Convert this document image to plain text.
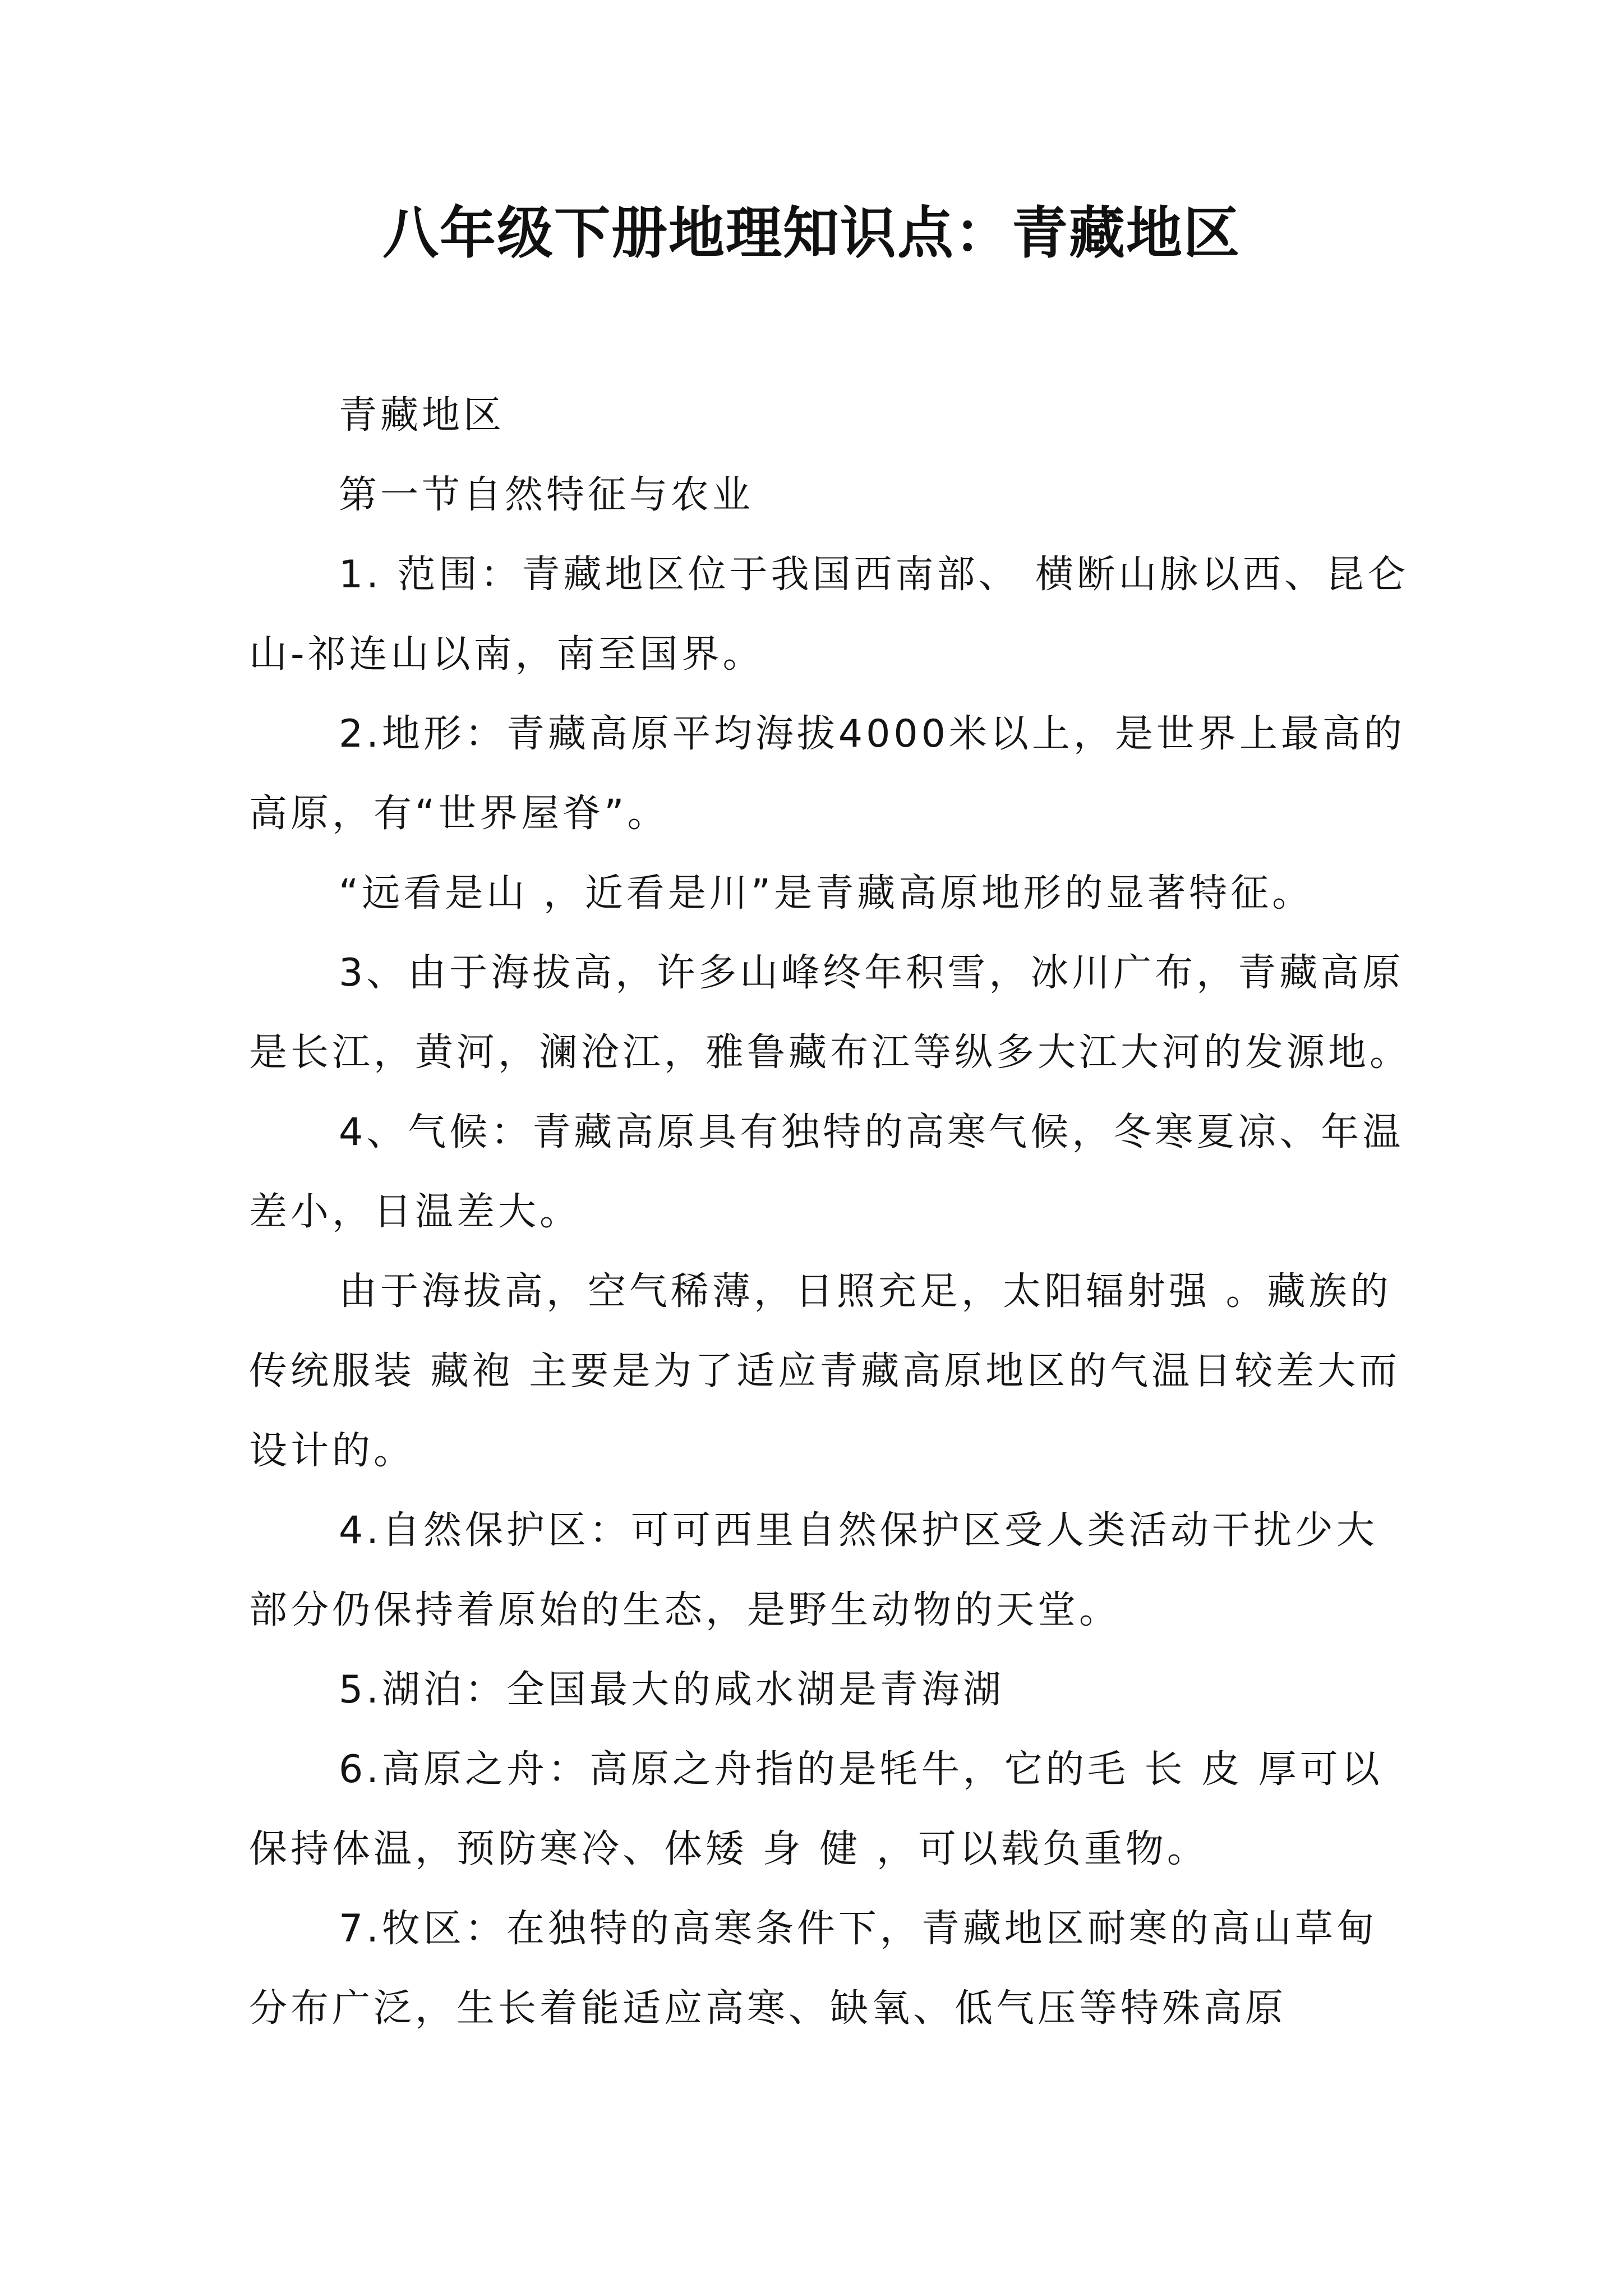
八年级下册地理知识点：青藏地区

青藏地区

第一节自然特征与农业

1. 范围：青藏地区位于我国西南部、 横断山脉以西、昆仑山-祁连山以南，南至国界。

2.地形：青藏高原平均海拔4000米以上，是世界上最高的高原，有“世界屋脊”。

“远看是山 ，近看是川”是青藏高原地形的显著特征。

3、由于海拔高，许多山峰终年积雪，冰川广布，青藏高原是长江，黄河，澜沧江，雅鲁藏布江等纵多大江大河的发源地。

4、气候：青藏高原具有独特的高寒气候，冬寒夏凉、年温差小，日温差大。

由于海拔高，空气稀薄，日照充足，太阳辐射强 。藏族的传统服装 藏袍 主要是为了适应青藏高原地区的气温日较差大而设计的。

4.自然保护区：可可西里自然保护区受人类活动干扰少大部分仍保持着原始的生态，是野生动物的天堂。

5.湖泊：全国最大的咸水湖是青海湖

6.高原之舟：高原之舟指的是牦牛，它的毛 长 皮 厚可以保持体温，预防寒冷、体矮 身 健 ，可以载负重物。

7.牧区：在独特的高寒条件下，青藏地区耐寒的高山草甸分布广泛，生长着能适应高寒、缺氧、低气压等特殊高原
